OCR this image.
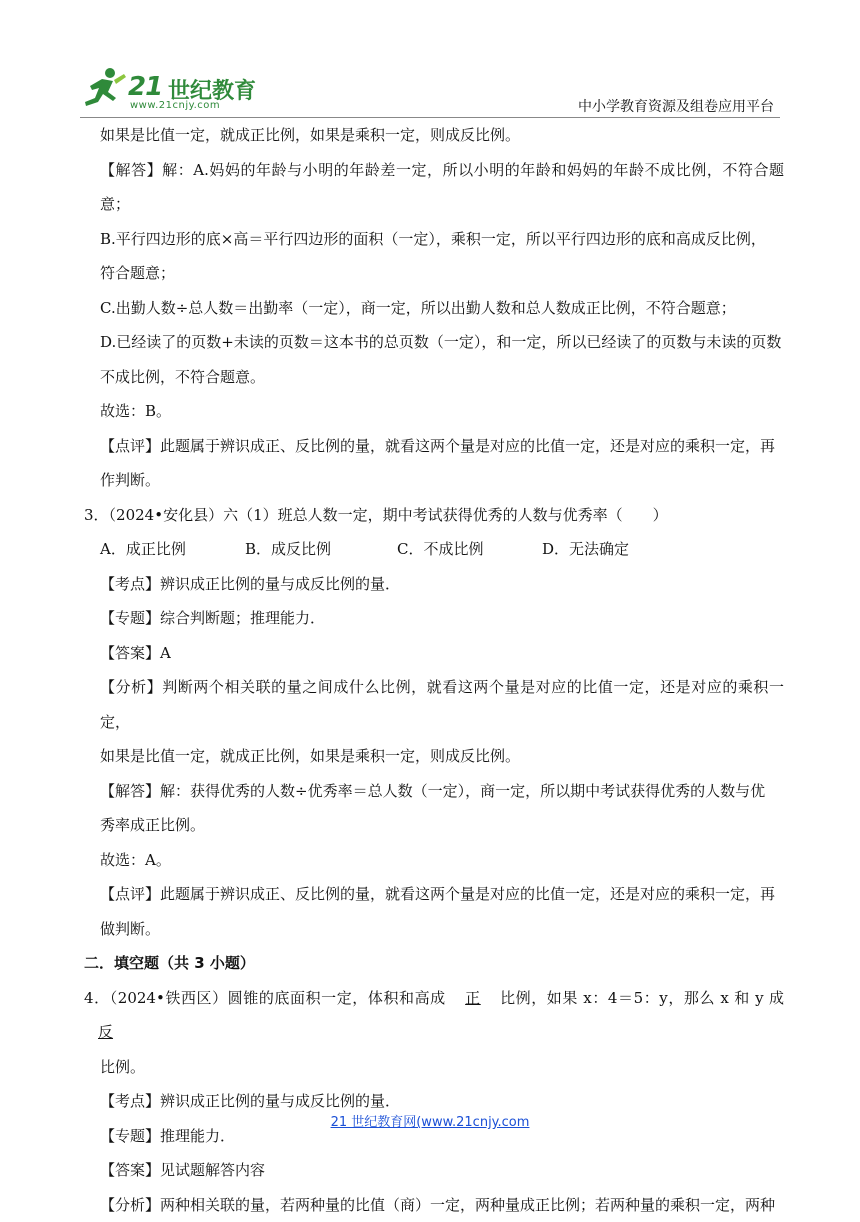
21 世纪教育
www.21cnjy.com	中小学教育资源及组卷应用平台

如果是比值一定，就成正比例，如果是乘积一定，则成反比例。

【解答】解：A.妈妈的年龄与小明的年龄差一定，所以小明的年龄和妈妈的年龄不成比例，不符合题意；

B.平行四边形的底×高＝平行四边形的面积（一定），乘积一定，所以平行四边形的底和高成反比例，

符合题意；

C.出勤人数÷总人数＝出勤率（一定），商一定，所以出勤人数和总人数成正比例，不符合题意；

D.已经读了的页数+未读的页数＝这本书的总页数（一定），和一定，所以已经读了的页数与未读的页数

不成比例，不符合题意。

故选：B。

【点评】此题属于辨识成正、反比例的量，就看这两个量是对应的比值一定，还是对应的乘积一定，再

作判断。

3．（2024•安化县）六（1）班总人数一定，期中考试获得优秀的人数与优秀率（　　）

A．成正比例	B．成反比例	C．不成比例	D．无法确定

【考点】辨识成正比例的量与成反比例的量．

【专题】综合判断题；推理能力．

【答案】A

【分析】判断两个相关联的量之间成什么比例，就看这两个量是对应的比值一定，还是对应的乘积一定，

如果是比值一定，就成正比例，如果是乘积一定，则成反比例。

【解答】解：获得优秀的人数÷优秀率＝总人数（一定），商一定，所以期中考试获得优秀的人数与优

秀率成正比例。

故选：A。

【点评】此题属于辨识成正、反比例的量，就看这两个量是对应的比值一定，还是对应的乘积一定，再

做判断。

二．填空题（共 3 小题）

4．（2024•铁西区）圆锥的底面积一定，体积和高成 正 比例，如果 x：4＝5：y，那么 x 和 y 成 反

比例。

【考点】辨识成正比例的量与成反比例的量．

【专题】推理能力．

【答案】见试题解答内容

【分析】两种相关联的量，若两种量的比值（商）一定，两种量成正比例；若两种量的乘积一定，两种

21 世纪教育网(www.21cnjy.com
